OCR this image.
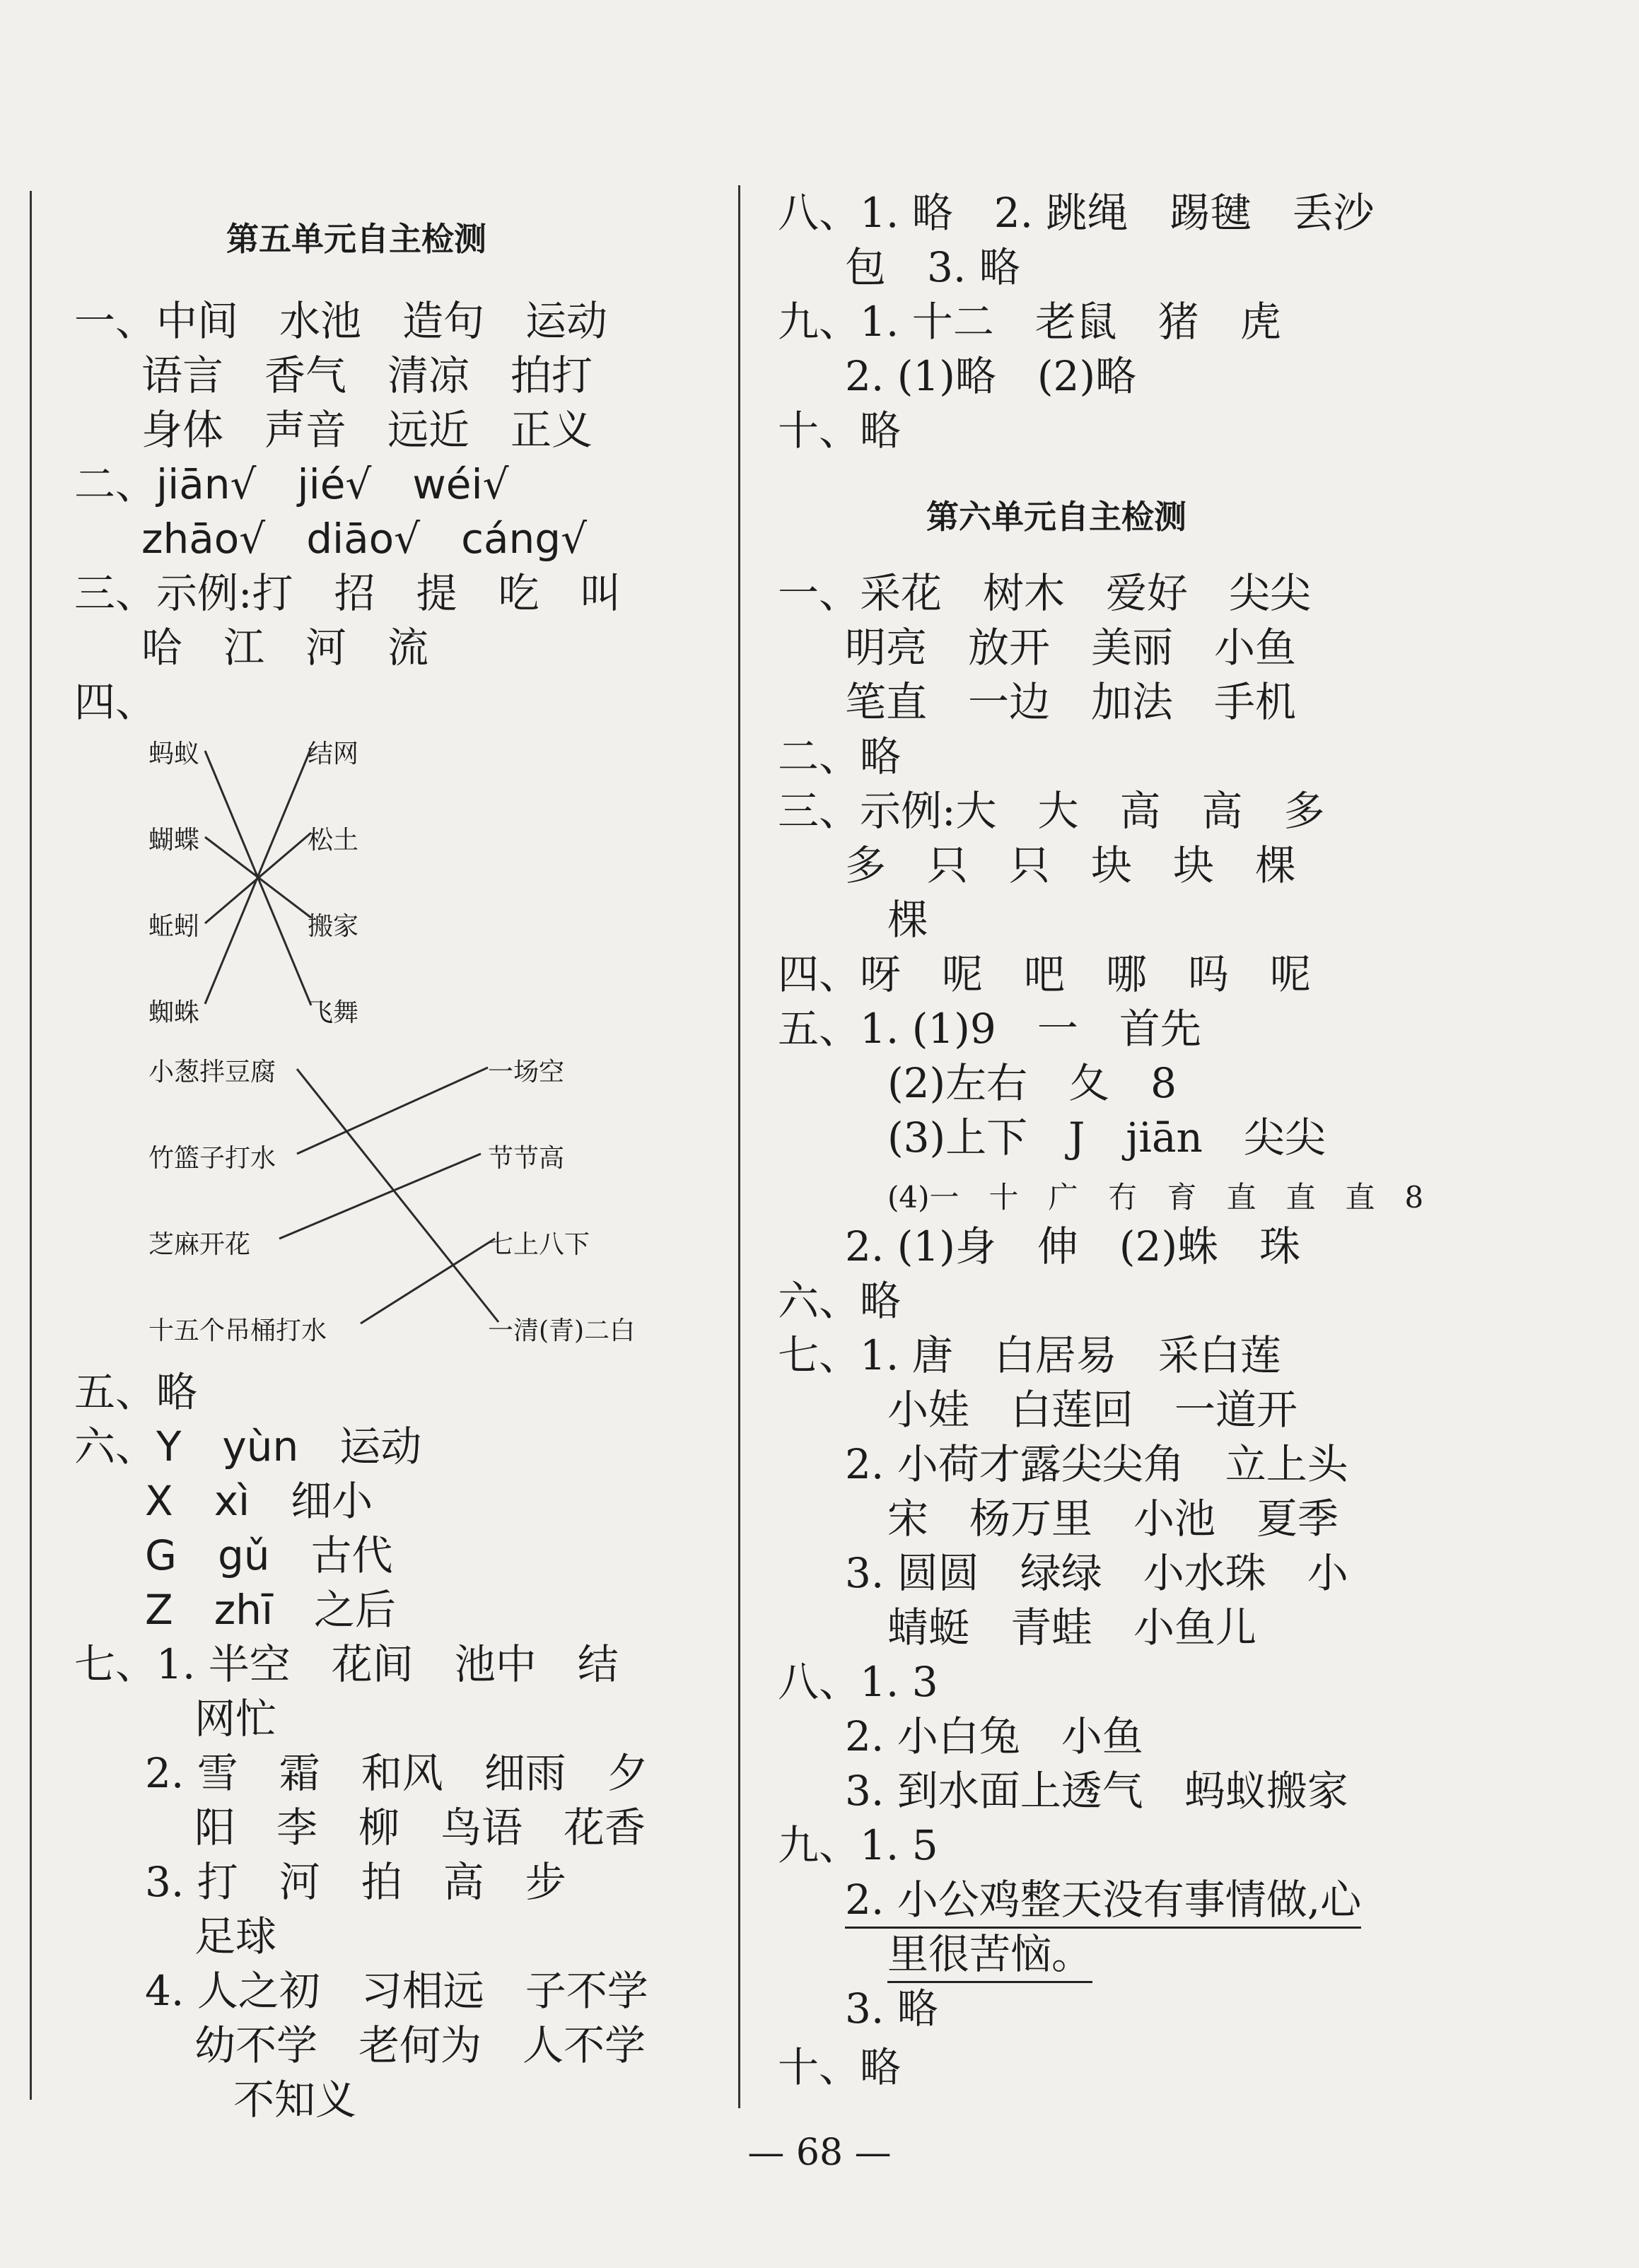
第五单元自主检测
一、中间　水池　造句　运动
语言　香气　清凉　拍打
身体　声音　远近　正义
二、jiān√　jié√　wéi√
zhāo√　diāo√　cáng√
三、示例:打　招　提　吃　叫
哈　江　河　流
四、
蚂蚁
蝴蝶
蚯蚓
蜘蛛
结网
松土
搬家
飞舞
小葱拌豆腐
竹篮子打水
芝麻开花
十五个吊桶打水
一场空
节节高
七上八下
一清(青)二白
五、略
六、Y　yùn　运动
X　xì　细小
G　gǔ　古代
Z　zhī　之后
七、1. 半空　花间　池中　结
网忙
2. 雪　霜　和风　细雨　夕
阳　李　柳　鸟语　花香
3. 打　河　拍　高　步
足球
4. 人之初　习相远　子不学
幼不学　老何为　人不学
不知义
八、1. 略　2. 跳绳　踢毽　丢沙
包　3. 略
九、1. 十二　老鼠　猪　虎
2. (1)略　(2)略
十、略
第六单元自主检测
一、采花　树木　爱好　尖尖
明亮　放开　美丽　小鱼
笔直　一边　加法　手机
二、略
三、示例:大　大　高　高　多
多　只　只　块　块　棵
棵
四、呀　呢　吧　哪　吗　呢
五、1. (1)9　一　首先
(2)左右　夂　8
(3)上下　J　jiān　尖尖
(4)一　十　广　冇　育　直　直　直　8
2. (1)身　伸　(2)蛛　珠
六、略
七、1. 唐　白居易　采白莲
小娃　白莲回　一道开
2. 小荷才露尖尖角　立上头
宋　杨万里　小池　夏季
3. 圆圆　绿绿　小水珠　小
蜻蜓　青蛙　小鱼儿
八、1. 3
2. 小白兔　小鱼
3. 到水面上透气　蚂蚁搬家
九、1. 5
2. 小公鸡整天没有事情做,心
里很苦恼。
3. 略
十、略
— 68 —
